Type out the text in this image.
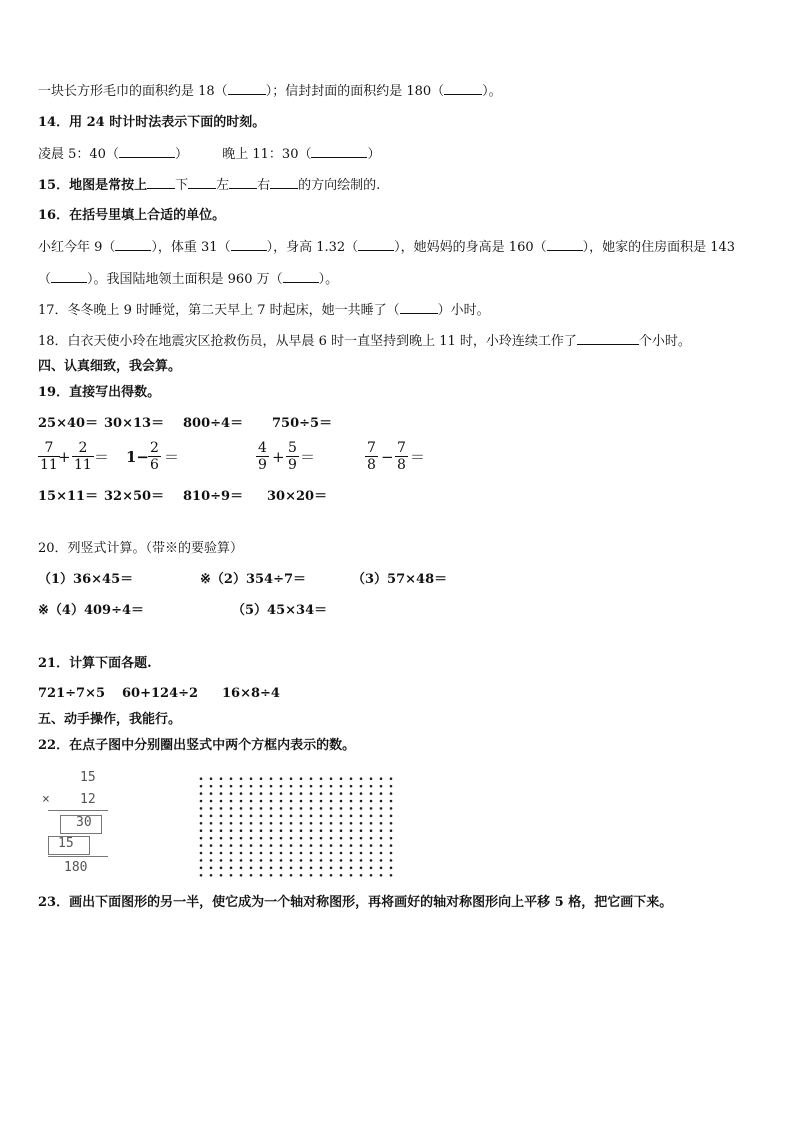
一块长方形毛巾的面积约是 18（	）；信封封面的面积约是 180（	）。
14．用 24 时计时法表示下面的时刻。
凌晨 5：40（	）	晚上 11：30（	）
15．地图是常按上 下 左 右 的方向绘制的.
16．在括号里填上合适的单位。
小红今年 9（	），体重 31（	），身高 1.32（	），她妈妈的身高是 160（	），她家的住房面积是 143
（	）。我国陆地领土面积是 960 万（	）。
17．冬冬晚上 9 时睡觉，第二天早上 7 时起床，她一共睡了（	）小时。
18．白衣天使小玲在地震灾区抢救伤员，从早晨 6 时一直坚持到晚上 11 时，小玲连续工作了	个小时。
四、认真细致，我会算。
19．直接写出得数。
25×40＝ 30×13＝ 800÷4＝ 750÷5＝
7
11 + 2
11 ＝ 1− 2
6 ＝	4
9 + 5
9 ＝	7
8 − 7
8 ＝
15×11＝ 32×50＝ 810÷9＝ 30×20＝
20．列竖式计算。（带※的要验算）
（1）36×45＝	※（2）354÷7＝	（3）57×48＝
※（4）409÷4＝	（5）45×34＝
21．计算下面各题.
721÷7×5 60+124÷2 16×8÷4
五、动手操作，我能行。
22．在点子图中分别圈出竖式中两个方框内表示的数。
15
× 12
30
15
180
23．画出下面图形的另一半，使它成为一个轴对称图形，再将画好的轴对称图形向上平移 5 格，把它画下来。
